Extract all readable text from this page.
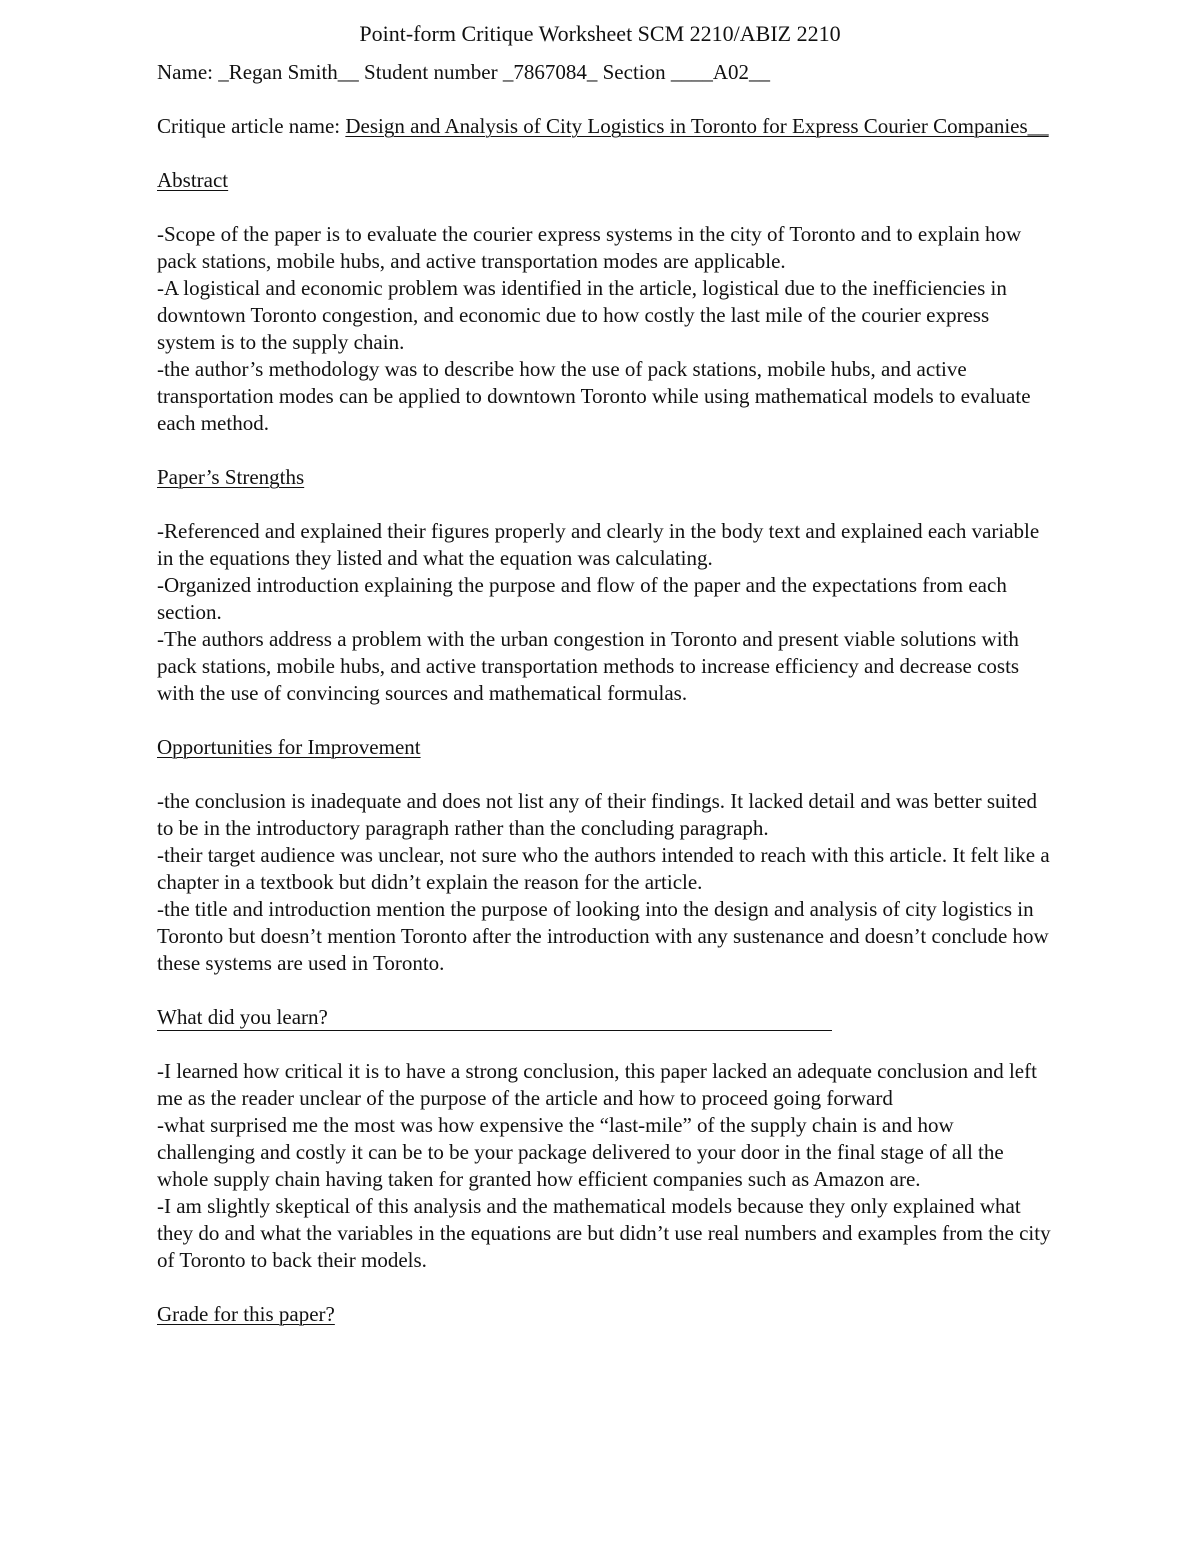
Point-form Critique Worksheet SCM 2210/ABIZ 2210

Name: _Regan Smith__ Student number _7867084_ Section ____A02__

Critique article name: Design and Analysis of City Logistics in Toronto for Express Courier Companies__

Abstract

-Scope of the paper is to evaluate the courier express systems in the city of Toronto and to explain how pack stations, mobile hubs, and active transportation modes are applicable.

-A logistical and economic problem was identified in the article, logistical due to the inefficiencies in downtown Toronto congestion, and economic due to how costly the last mile of the courier express system is to the supply chain.

-the author’s methodology was to describe how the use of pack stations, mobile hubs, and active transportation modes can be applied to downtown Toronto while using mathematical models to evaluate each method.

Paper’s Strengths

-Referenced and explained their figures properly and clearly in the body text and explained each variable in the equations they listed and what the equation was calculating.

-Organized introduction explaining the purpose and flow of the paper and the expectations from each section.

-The authors address a problem with the urban congestion in Toronto and present viable solutions with pack stations, mobile hubs, and active transportation methods to increase efficiency and decrease costs with the use of convincing sources and mathematical formulas.

Opportunities for Improvement

-the conclusion is inadequate and does not list any of their findings. It lacked detail and was better suited to be in the introductory paragraph rather than the concluding paragraph.

-their target audience was unclear, not sure who the authors intended to reach with this article. It felt like a chapter in a textbook but didn’t explain the reason for the article.

-the title and introduction mention the purpose of looking into the design and analysis of city logistics in Toronto but doesn’t mention Toronto after the introduction with any sustenance and doesn’t conclude how these systems are used in Toronto.

What did you learn?

-I learned how critical it is to have a strong conclusion, this paper lacked an adequate conclusion and left me as the reader unclear of the purpose of the article and how to proceed going forward

-what surprised me the most was how expensive the “last-mile” of the supply chain is and how challenging and costly it can be to be your package delivered to your door in the final stage of all the whole supply chain having taken for granted how efficient companies such as Amazon are.

-I am slightly skeptical of this analysis and the mathematical models because they only explained what they do and what the variables in the equations are but didn’t use real numbers and examples from the city of Toronto to back their models.

Grade for this paper?
